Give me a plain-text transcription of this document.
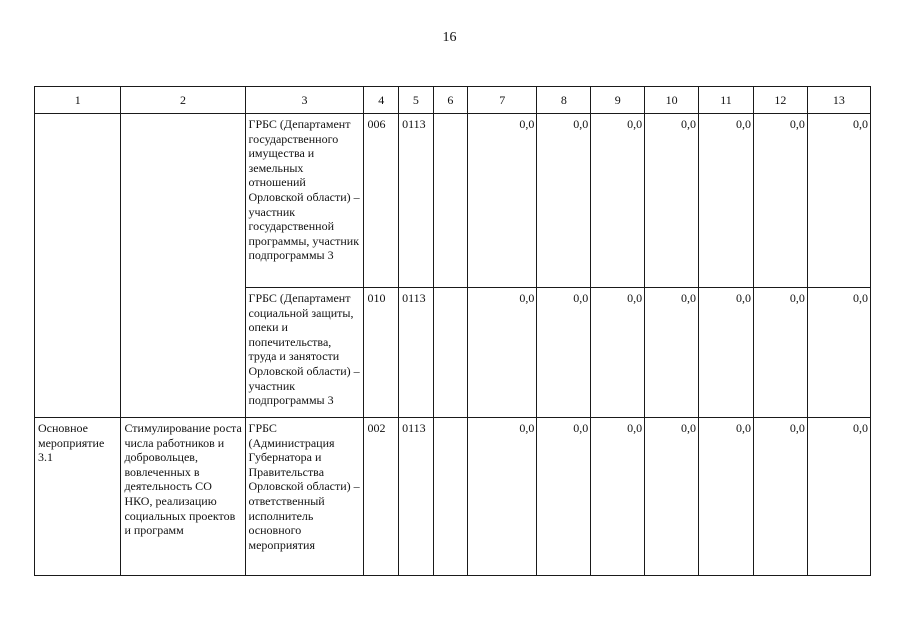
16
1	2	3	4	5	6	7	8	9	10	11	12	13
		ГРБС (Департамент государственного имущества и земельных отношений Орловской области) – участник государственной программы, участник подпрограммы 3	006	0113		0,0	0,0	0,0	0,0	0,0	0,0	0,0
		ГРБС (Департамент социальной защиты, опеки и попечительства, труда и занятости Орловской области) – участник подпрограммы 3	010	0113		0,0	0,0	0,0	0,0	0,0	0,0	0,0
Основное мероприятие 3.1	Стимулирование роста числа работников и добровольцев, вовлеченных в деятельность СО НКО, реализацию социальных проектов и программ	ГРБС (Администрация Губернатора и Правительства Орловской области) – ответственный исполнитель основного мероприятия	002	0113		0,0	0,0	0,0	0,0	0,0	0,0	0,0
